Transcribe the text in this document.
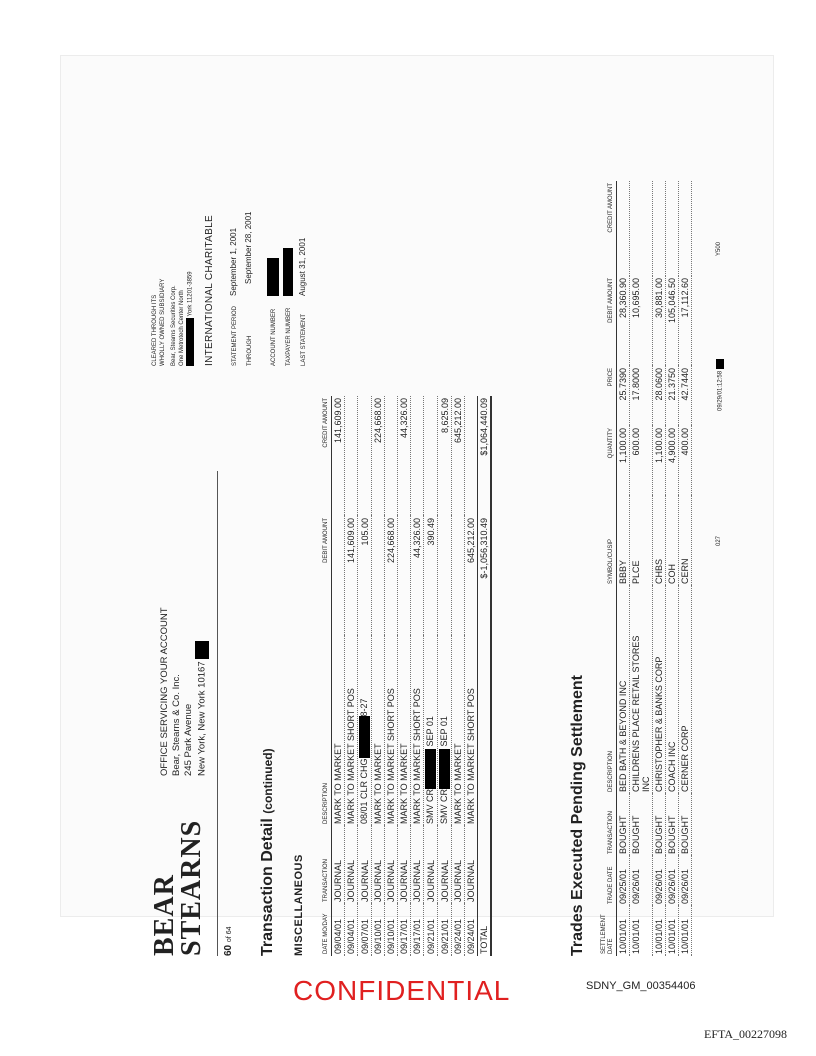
BEAR
STEARNS
OFFICE SERVICING YOUR ACCOUNT Bear, Stearns & Co. Inc. 245 Park Avenue New York, New York 10167
60 of 64 Transaction Detail (continued)
MISCELLANEOUS	DATE MO/DAY	TRANSACTION	DESCRIPTION	DEBIT AMOUNT	CREDIT AMOUNT
09/04/01	JOURNAL	MARK TO MARKET		141,609.00
09/04/01	JOURNAL	MARK TO MARKET SHORT POS	141,609.00	
09/07/01	JOURNAL	08/01 CLR CHG8-27	105.00	
09/10/01	JOURNAL	MARK TO MARKET		224,668.00
09/10/01	JOURNAL	MARK TO MARKET SHORT POS	224,668.00	
09/17/01	JOURNAL	MARK TO MARKET		44,326.00
09/17/01	JOURNAL	MARK TO MARKET SHORT POS	44,326.00	
09/21/01	JOURNAL	SMV CR SEP 01	390.49	
09/21/01	JOURNAL	SMV CR SEP 01		8,625.09
09/24/01	JOURNAL	MARK TO MARKET		645,212.00
09/24/01	JOURNAL	MARK TO MARKET SHORT POS	645,212.00	
TOTAL			$-1,056,310.49	$1,064,440.09
Trades Executed Pending Settlement	SETTLEMENT DATE	TRADE DATE	TRANSACTION	DESCRIPTION	SYMBOL/CUSIP	QUANTITY	PRICE	DEBIT AMOUNT	CREDIT AMOUNT
10/01/01	09/25/01	BOUGHT	BED BATH & BEYOND INC	BBBY	1,100.00	25.7390	28,360.90	
10/01/01	09/26/01	BOUGHT	CHILDRENS PLACE RETAIL STORES INC	PLCE	600.00	17.8000	10,695.00	
10/01/01	09/26/01	BOUGHT	CHRISTOPHER & BANKS CORP	CHBS	1,100.00	28.0600	30,881.00	
10/01/01	09/26/01	BOUGHT	COACH INC	COH	4,900.00	21.3750	105,046.50	
10/01/01	09/26/01	BOUGHT	CERNER CORP	CERN	400.00	42.7440	17,112.60	
027
09/29/01:12:58
Y500
CLEARED THROUGH ITS WHOLLY OWNED SUBSIDIARY Bear, Stearns Securities Corp. One Metrotech Center North York 11201-3859 INTERNATIONAL CHARITABLE	STATEMENT PERIODSeptember 1, 2001
THROUGHSeptember 28, 2001
ACCOUNT NUMBER	TAXPAYER NUMBER	LAST STATEMENTAugust 31, 2001
CONFIDENTIAL	SDNY_GM_00354406
EFTA_00227098
